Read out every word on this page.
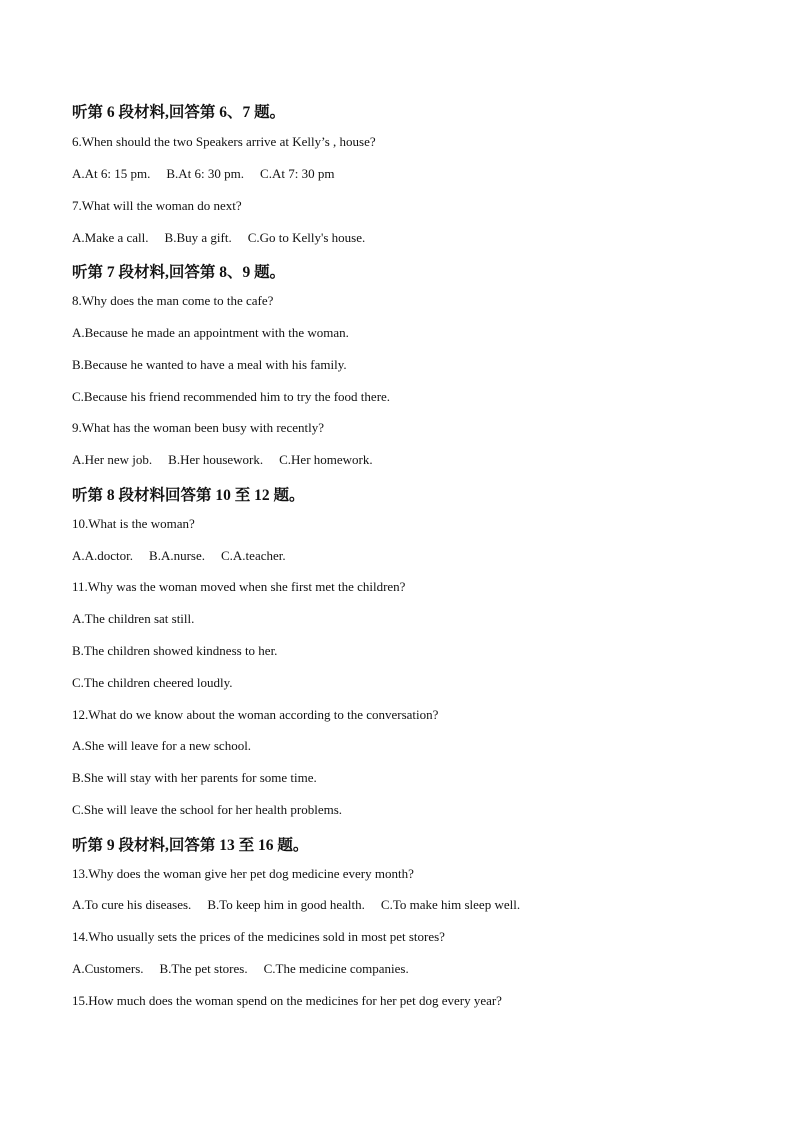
听第 6 段材料,回答第 6、7 题。
6.When should the two Speakers arrive at Kelly’s , house?
A.At 6: 15 pm. B.At 6: 30 pm. C.At 7: 30 pm
7.What will the woman do next?
A.Make a call. B.Buy a gift. C.Go to Kelly's house.
听第 7 段材料,回答第 8、9 题。
8.Why does the man come to the cafe?
A.Because he made an appointment with the woman.
B.Because he wanted to have a meal with his family.
C.Because his friend recommended him to try the food there.
9.What has the woman been busy with recently?
A.Her new job. B.Her housework. C.Her homework.
听第 8 段材料回答第 10 至 12 题。
10.What is the woman?
A.A.doctor. B.A.nurse. C.A.teacher.
11.Why was the woman moved when she first met the children?
A.The children sat still.
B.The children showed kindness to her.
C.The children cheered loudly.
12.What do we know about the woman according to the conversation?
A.She will leave for a new school.
B.She will stay with her parents for some time.
C.She will leave the school for her health problems.
听第 9 段材料,回答第 13 至 16 题。
13.Why does the woman give her pet dog medicine every month?
A.To cure his diseases. B.To keep him in good health. C.To make him sleep well.
14.Who usually sets the prices of the medicines sold in most pet stores?
A.Customers. B.The pet stores. C.The medicine companies.
15.How much does the woman spend on the medicines for her pet dog every year?
